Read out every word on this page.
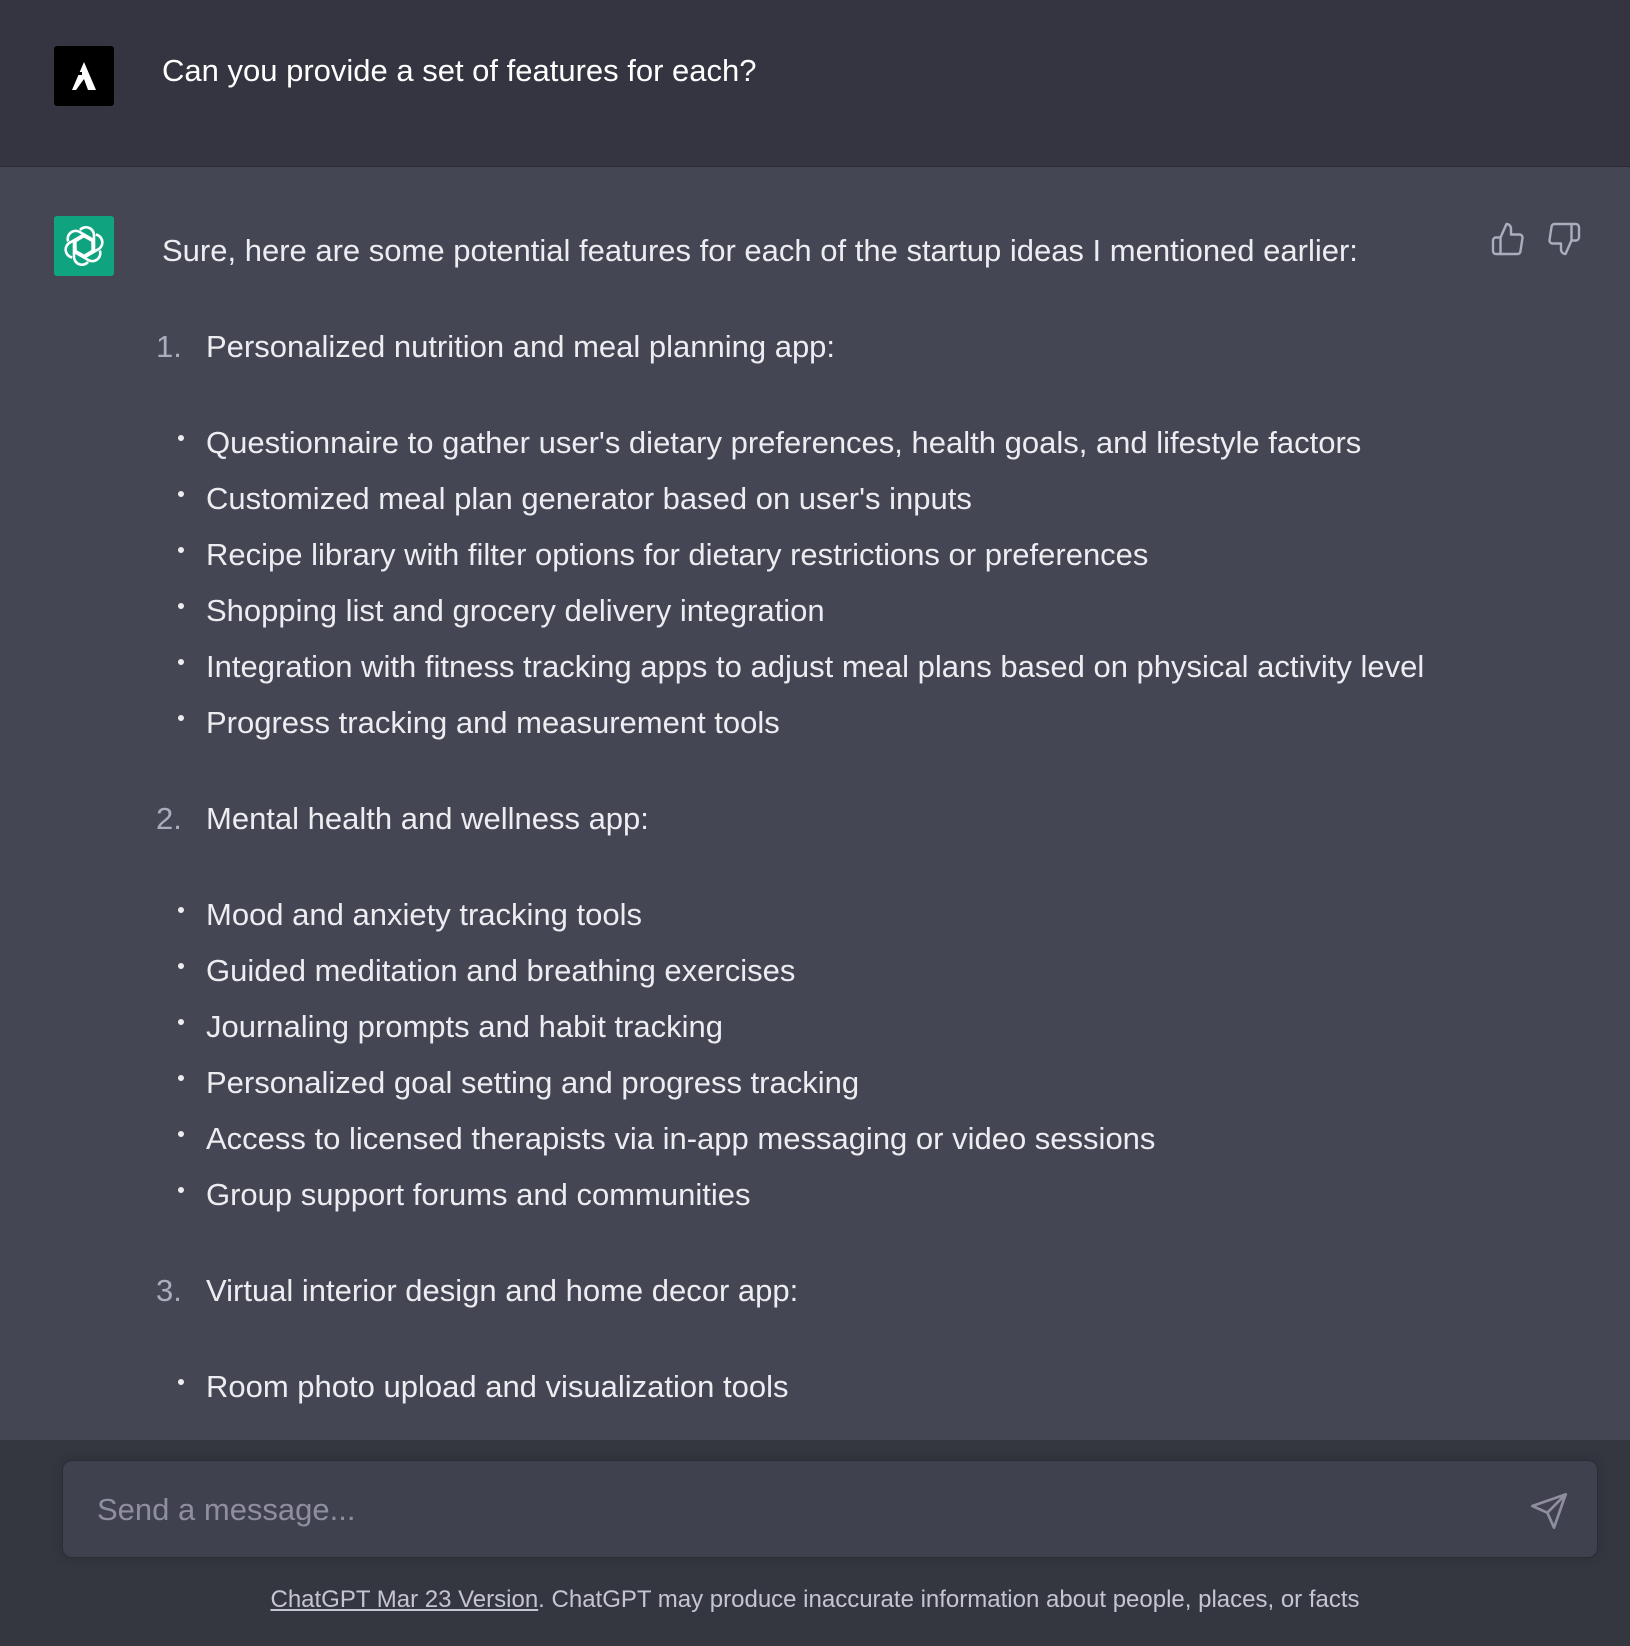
Can you provide a set of features for each?

Sure, here are some potential features for each of the startup ideas I mentioned earlier:

1. Personalized nutrition and meal planning app:
Questionnaire to gather user's dietary preferences, health goals, and lifestyle factors
Customized meal plan generator based on user's inputs
Recipe library with filter options for dietary restrictions or preferences
Shopping list and grocery delivery integration
Integration with fitness tracking apps to adjust meal plans based on physical activity level
Progress tracking and measurement tools
2. Mental health and wellness app:
Mood and anxiety tracking tools
Guided meditation and breathing exercises
Journaling prompts and habit tracking
Personalized goal setting and progress tracking
Access to licensed therapists via in-app messaging or video sessions
Group support forums and communities
3. Virtual interior design and home decor app:
Room photo upload and visualization tools
Send a message...
ChatGPT Mar 23 Version. ChatGPT may produce inaccurate information about people, places, or facts
